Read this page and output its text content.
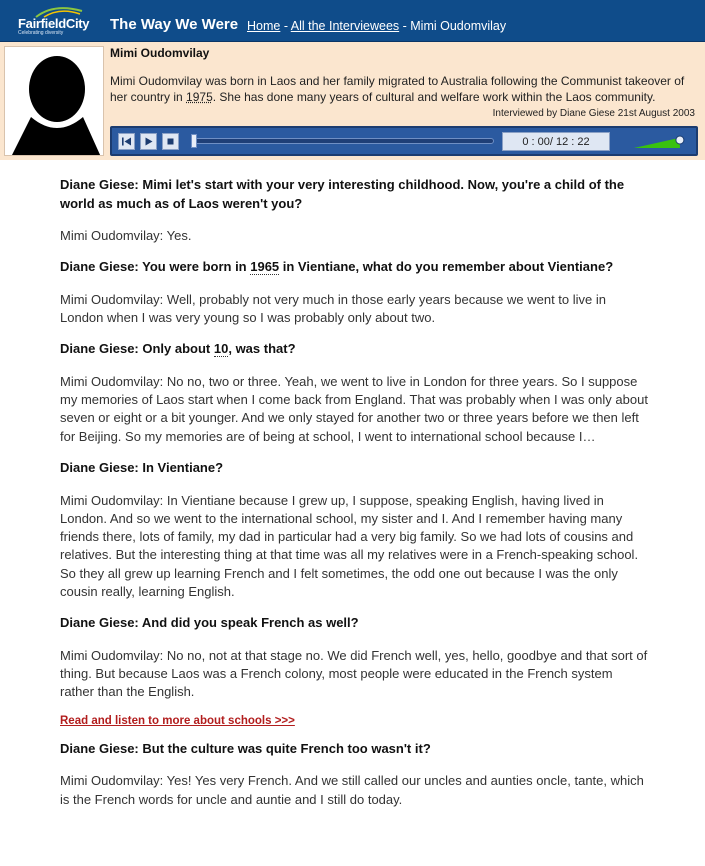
FairfieldCity
Celebrating diversity	The Way We Were Home - All the Interviewees - Mimi Oudomvilay
Mimi Oudomvilay
Mimi Oudomvilay was born in Laos and her family migrated to Australia following the Communist takeover of her country in 1975. She has done many years of cultural and welfare work within the Laos community.
Interviewed by Diane Giese 21st August 2003
0 : 00/ 12 : 22

Diane Giese: Mimi let's start with your very interesting childhood. Now, you're a child of the world as much as of Laos weren't you?

Mimi Oudomvilay: Yes.

Diane Giese: You were born in 1965 in Vientiane, what do you remember about Vientiane?

Mimi Oudomvilay: Well, probably not very much in those early years because we went to live in London when I was very young so I was probably only about two.

Diane Giese: Only about 10, was that?

Mimi Oudomvilay: No no, two or three. Yeah, we went to live in London for three years. So I suppose my memories of Laos start when I come back from England. That was probably when I was only about seven or eight or a bit younger. And we only stayed for another two or three years before we then left for Beijing. So my memories are of being at school, I went to international school because I…

Diane Giese: In Vientiane?

Mimi Oudomvilay: In Vientiane because I grew up, I suppose, speaking English, having lived in London. And so we went to the international school, my sister and I. And I remember having many friends there, lots of family, my dad in particular had a very big family. So we had lots of cousins and relatives. But the interesting thing at that time was all my relatives were in a French-speaking school. So they all grew up learning French and I felt sometimes, the odd one out because I was the only cousin really, learning English.

Diane Giese: And did you speak French as well?

Mimi Oudomvilay: No no, not at that stage no. We did French well, yes, hello, goodbye and that sort of thing. But because Laos was a French colony, most people were educated in the French system rather than the English.

Read and listen to more about schools >>>

Diane Giese: But the culture was quite French too wasn't it?

Mimi Oudomvilay: Yes! Yes very French. And we still called our uncles and aunties oncle, tante, which is the French words for uncle and auntie and I still do today.
